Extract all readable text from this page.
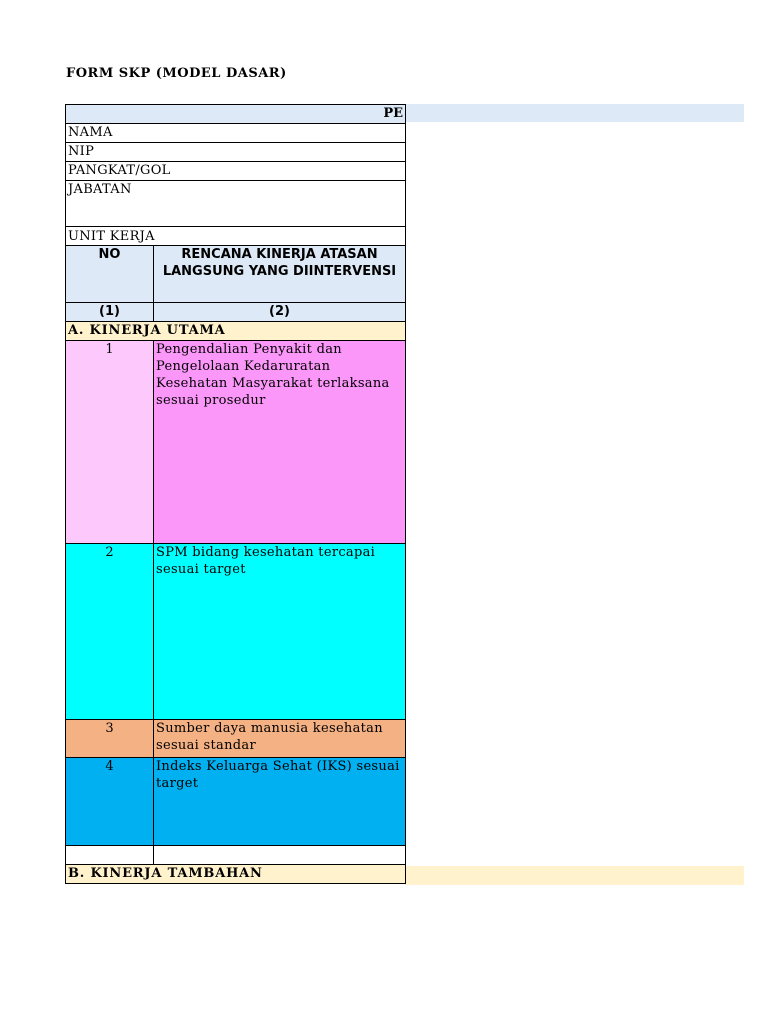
FORM SKP (MODEL DASAR)
PE	
NAMA	
NIP	
PANGKAT/GOL	
JABATAN	
UNIT KERJA	
NO	RENCANA KINERJA ATASAN LANGSUNG YANG DIINTERVENSI
(1)	(2)
A. KINERJA UTAMA	
1	Pengendalian Penyakit dan Pengelolaan Kedaruratan Kesehatan Masyarakat terlaksana sesuai prosedur
2	SPM bidang kesehatan tercapai sesuai target
3	Sumber daya manusia kesehatan sesuai standar
4	Indeks Keluarga Sehat (IKS) sesuai target

B. KINERJA TAMBAHAN	
